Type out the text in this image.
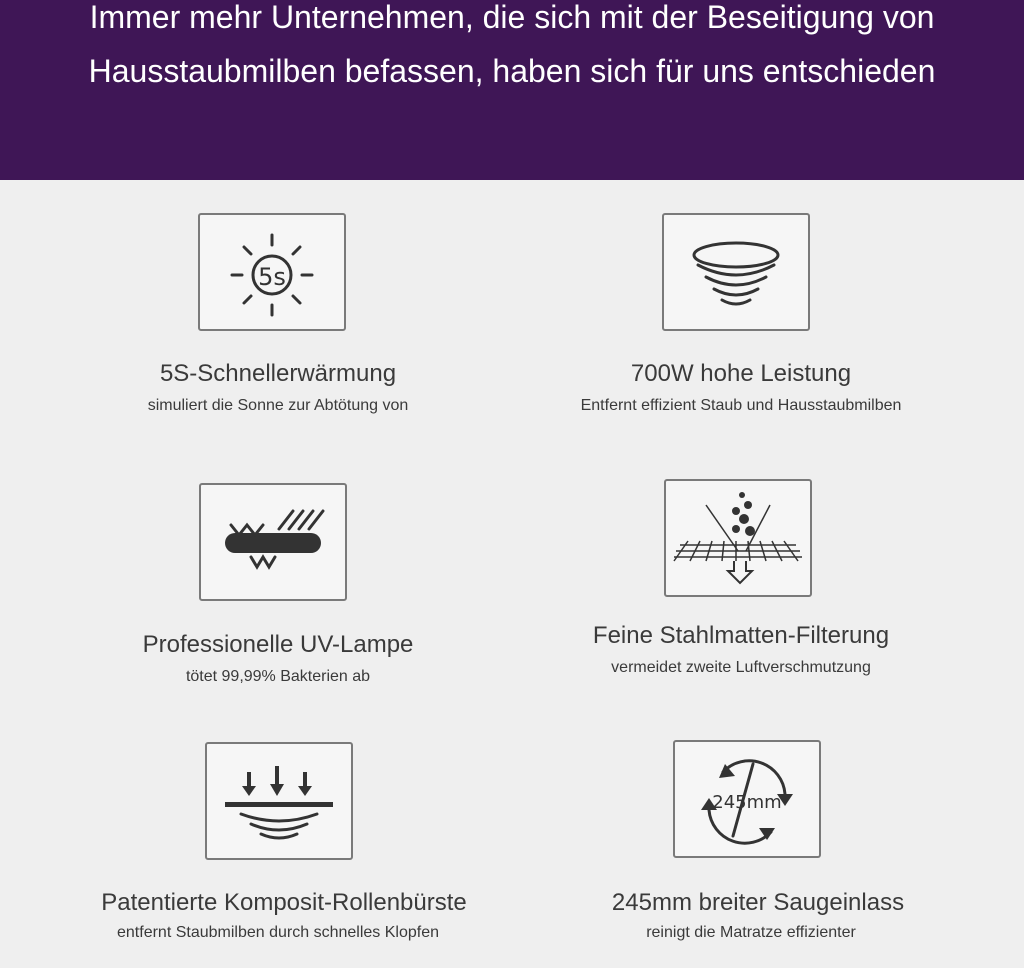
Immer mehr Unternehmen, die sich mit der Beseitigung von Hausstaubmilben befassen, haben sich für uns entschieden
5s
5S-Schnellerwärmung
simuliert die Sonne zur Abtötung von
700W hohe Leistung
Entfernt effizient Staub und Hausstaubmilben
Professionelle UV-Lampe
tötet 99,99% Bakterien ab
Feine Stahlmatten-Filterung
vermeidet zweite Luftverschmutzung
Patentierte Komposit-Rollenbürste
entfernt Staubmilben durch schnelles Klopfen
245mm
245mm breiter Saugeinlass
reinigt die Matratze effizienter
